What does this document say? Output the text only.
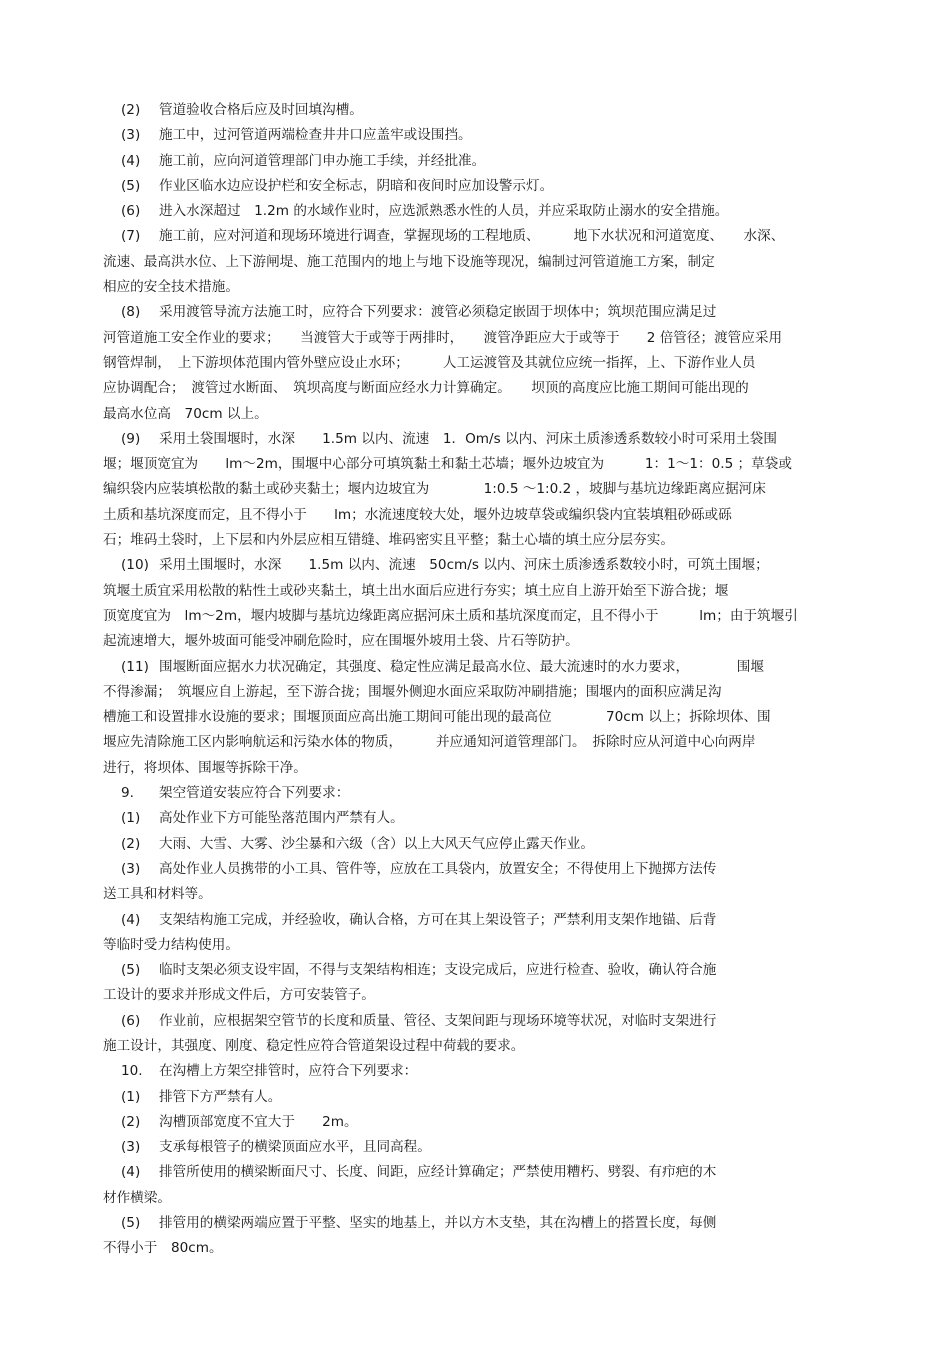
(2) 管道验收合格后应及时回填沟槽。

(3) 施工中，过河管道两端检查井井口应盖牢或设围挡。

(4) 施工前，应向河道管理部门申办施工手续，并经批准。

(5) 作业区临水边应设护栏和安全标志，阴暗和夜间时应加设警示灯。

(6) 进入水深超过　1.2m 的水域作业时，应选派熟悉水性的人员，并应采取防止溺水的安全措施。

(7) 施工前，应对河道和现场环境进行调查，掌握现场的工程地质、　　　地下水状况和河道宽度、　　水深、
流速、最高洪水位、上下游闸堤、施工范围内的地上与地下设施等现况，编制过河管道施工方案，制定
相应的安全技术措施。

(8) 采用渡管导流方法施工时，应符合下列要求：渡管必须稳定嵌固于坝体中；筑坝范围应满足过
河管道施工安全作业的要求；　　当渡管大于或等于两排时，　　渡管净距应大于或等于　　2 倍管径；渡管应采用
钢管焊制，　上下游坝体范围内管外壁应设止水环；　　　人工运渡管及其就位应统一指挥，上、下游作业人员
应协调配合；　渡管过水断面、　筑坝高度与断面应经水力计算确定。　　坝顶的高度应比施工期间可能出现的
最高水位高　70cm 以上。

(9) 采用土袋围堰时，水深　　1.5m 以内、流速　1．Om/s 以内、河床土质渗透系数较小时可采用土袋围
堰；堰顶宽宜为　　lm～2m，围堰中心部分可填筑黏土和黏土芯墙；堰外边坡宜为　　　1：1～1：0.5 ；草袋或
编织袋内应装填松散的黏土或砂夹黏土；堰内边坡宜为　　　　1:0.5 ～1:0.2 ，坡脚与基坑边缘距离应据河床
土质和基坑深度而定，且不得小于　　lm；水流速度较大处，堰外边坡草袋或编织袋内宜装填粗砂砾或砾
石；堆码土袋时，上下层和内外层应相互错缝、堆码密实且平整；黏土心墙的填土应分层夯实。

(10) 采用土围堰时，水深　　1.5m 以内、流速　50cm/s 以内、河床土质渗透系数较小时，可筑土围堰；
筑堰土质宜采用松散的粘性土或砂夹黏土，填土出水面后应进行夯实；填土应自上游开始至下游合拢；堰
顶宽度宜为　lm～2m，堰内坡脚与基坑边缘距离应据河床土质和基坑深度而定，且不得小于　　　lm；由于筑堰引
起流速增大，堰外坡面可能受冲刷危险时，应在围堰外坡用土袋、片石等防护。

(11) 围堰断面应据水力状况确定，其强度、稳定性应满足最高水位、最大流速时的水力要求，　　　　围堰
不得渗漏；　筑堰应自上游起，至下游合拢；围堰外侧迎水面应采取防冲刷措施；围堰内的面积应满足沟
槽施工和设置排水设施的要求；围堰顶面应高出施工期间可能出现的最高位　　　　70cm 以上；拆除坝体、围
堰应先清除施工区内影响航运和污染水体的物质，　　　并应通知河道管理部门。　拆除时应从河道中心向两岸
进行，将坝体、围堰等拆除干净。

9. 架空管道安装应符合下列要求：

(1) 高处作业下方可能坠落范围内严禁有人。

(2) 大雨、大雪、大雾、沙尘暴和六级（含）以上大风天气应停止露天作业。

(3) 高处作业人员携带的小工具、管件等，应放在工具袋内，放置安全；不得使用上下抛掷方法传
送工具和材料等。

(4) 支架结构施工完成，并经验收，确认合格，方可在其上架设管子；严禁利用支架作地锚、后背
等临时受力结构使用。

(5) 临时支架必须支设牢固，不得与支架结构相连；支设完成后，应进行检查、验收，确认符合施
工设计的要求并形成文件后，方可安装管子。

(6) 作业前，应根据架空管节的长度和质量、管径、支架间距与现场环境等状况，对临时支架进行
施工设计，其强度、刚度、稳定性应符合管道架设过程中荷载的要求。

10. 在沟槽上方架空排管时，应符合下列要求：

(1) 排管下方严禁有人。

(2) 沟槽顶部宽度不宜大于　　2m。

(3) 支承每根管子的横梁顶面应水平，且同高程。

(4) 排管所使用的横梁断面尺寸、长度、间距，应经计算确定；严禁使用糟朽、劈裂、有疖疤的木
材作横梁。

(5) 排管用的横梁两端应置于平整、坚实的地基上，并以方木支垫，其在沟槽上的搭置长度，每侧
不得小于　80cm。
